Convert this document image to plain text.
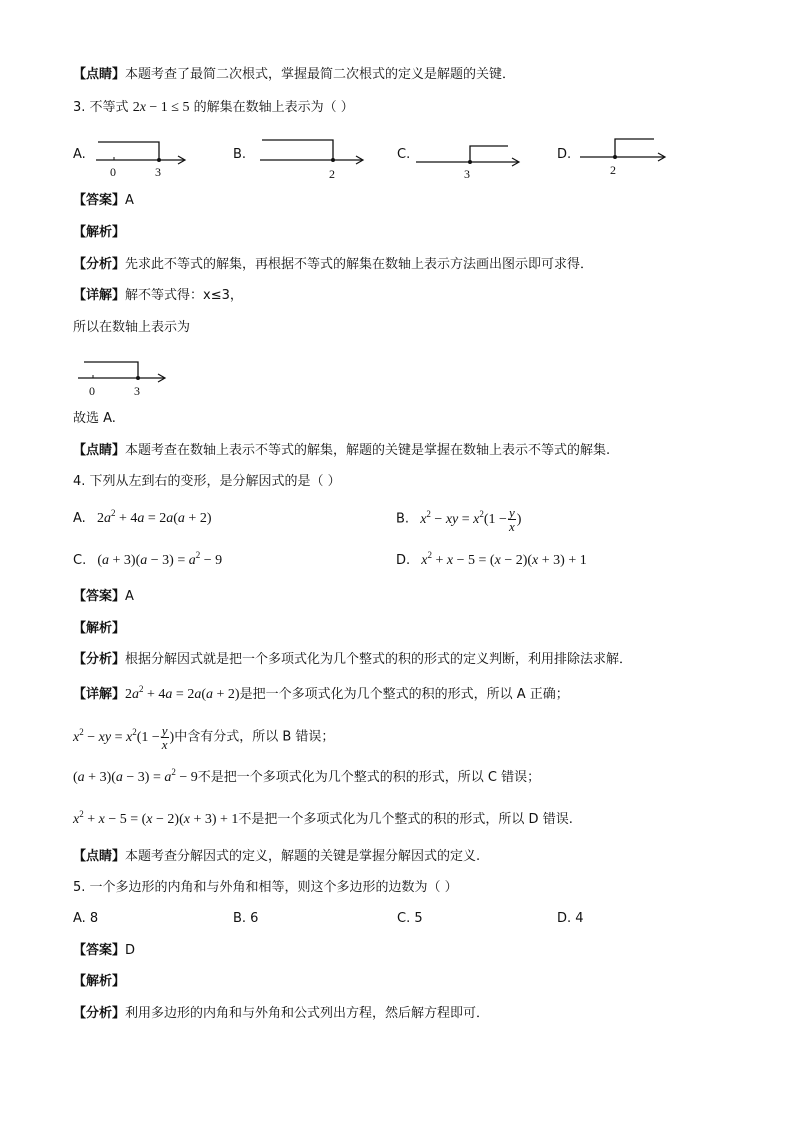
【点睛】本题考查了最简二次根式，掌握最简二次根式的定义是解题的关键．
3. 不等式 2x − 1 ≤ 5 的解集在数轴上表示为（ ）
A.
0	3
B.
2
C.
3
D.
2
【答案】A
【解析】
【分析】先求此不等式的解集，再根据不等式的解集在数轴上表示方法画出图示即可求得．
【详解】解不等式得：x≤3，
所以在数轴上表示为
0	3
故选 A.
【点睛】本题考查在数轴上表示不等式的解集，解题的关键是掌握在数轴上表示不等式的解集.
4. 下列从左到右的变形，是分解因式的是（ ）
A.   $2a^2 + 4a = 2a(a + 2)$	B. $x^2$ − xy = $x^2(1 - \frac{y}{x}$ )
C.   $(a + 3)(a - 3) = a^2 - 9$	D. $x^2 + x - 5 = (x - 2)(x + 3) + 1$
【答案】A
【解析】
【分析】根据分解因式就是把一个多项式化为几个整式的积的形式的定义判断，利用排除法求解．
【详解】$2a^2 + 4a = 2a(a + 2)$是把一个多项式化为几个整式的积的形式，所以 A 正确；
$x^2$ − xy = $x^2(1 - \frac{y}{x}$ )中含有分式，所以 B 错误；
$(a + 3)(a - 3) = a^2 - 9$不是把一个多项式化为几个整式的积的形式，所以 C 错误；
$x^2 + x - 5 = (x - 2)(x + 3) + 1$不是把一个多项式化为几个整式的积的形式，所以 D 错误.
【点睛】本题考查分解因式的定义，解题的关键是掌握分解因式的定义.
5. 一个多边形的内角和与外角和相等，则这个多边形的边数为（ ）
A. 8	B. 6	C. 5	D. 4
【答案】D
【解析】
【分析】利用多边形的内角和与外角和公式列出方程，然后解方程即可．
